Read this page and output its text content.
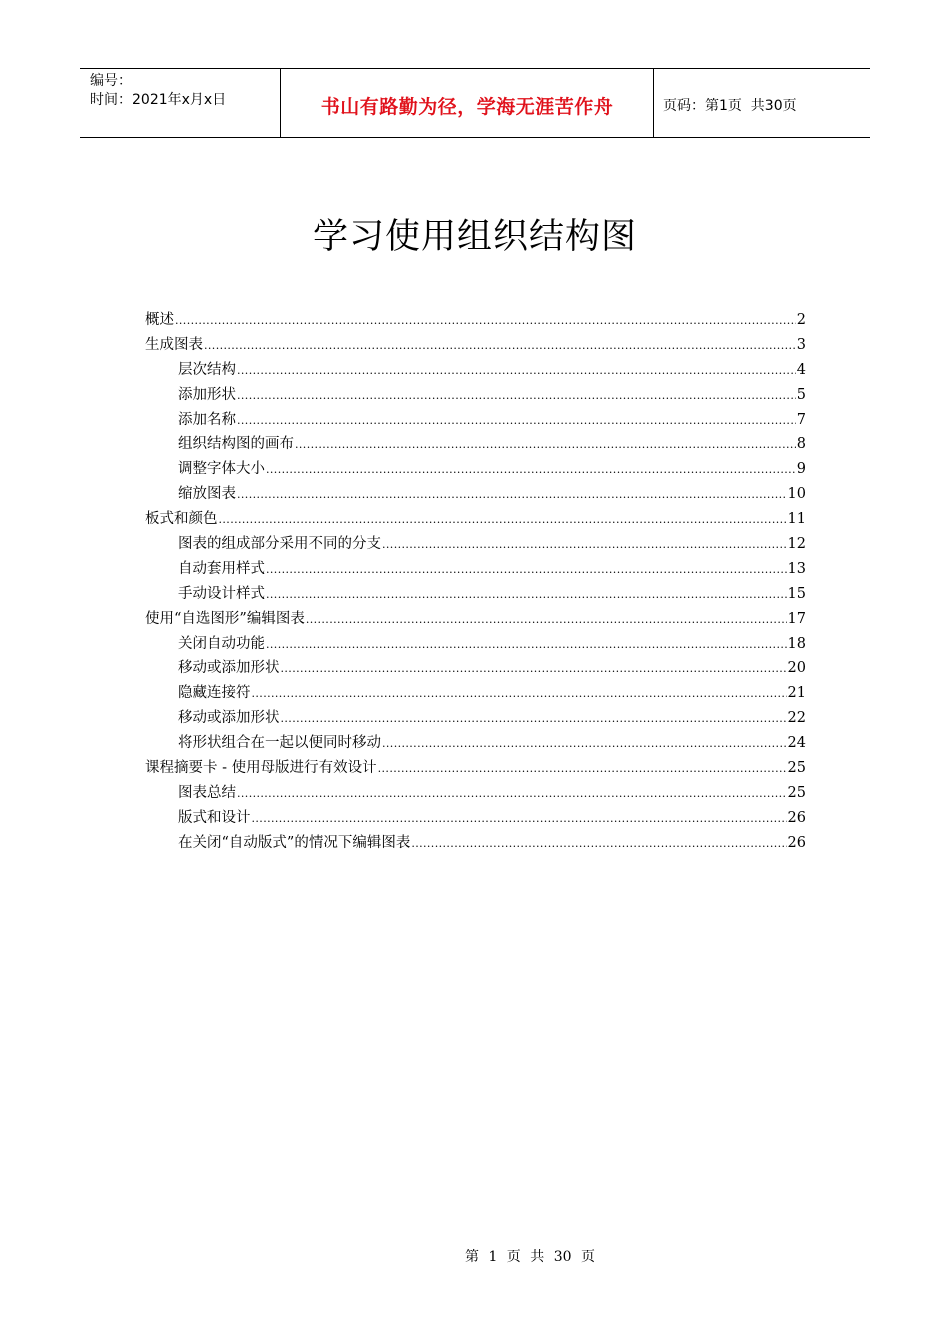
编号：
时间：2021年x月x日	书山有路勤为径，学海无涯苦作舟	页码：第1页  共30页
学习使用组织结构图
概述 .....	2
生成图表 .....	3
层次结构 .....	4
添加形状 .....	5
添加名称 .....	7
组织结构图的画布 .....	8
调整字体大小 .....	9
缩放图表 .....	10
板式和颜色 .....	11
图表的组成部分采用不同的分支 .....	12
自动套用样式 .....	13
手动设计样式 .....	15
使用“自选图形”编辑图表 .....	17
关闭自动功能 .....	18
移动或添加形状 .....	20
隐藏连接符 .....	21
移动或添加形状 .....	22
将形状组合在一起以便同时移动 .....	24
课程摘要卡 - 使用母版进行有效设计 .....	25
图表总结 .....	25
版式和设计 .....	26
在关闭“自动版式”的情况下编辑图表 .....	26
第 1 页 共 30 页
